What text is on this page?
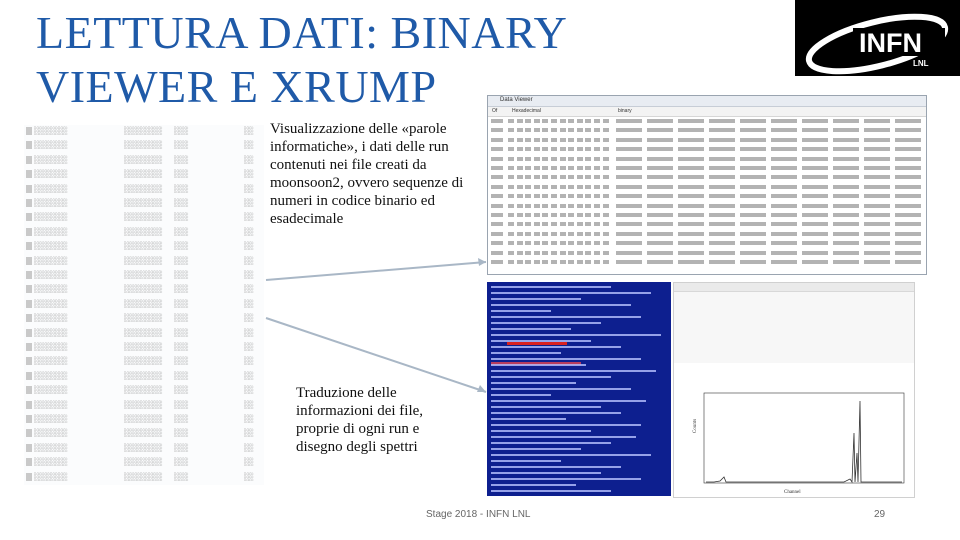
LETTURA DATI: BINARY
VIEWER E XRUMP
INFN
LNL
░░░░░░░	░░░░░░░░ ░░░	░░
░░░░░░░	░░░░░░░░ ░░░	░░
░░░░░░░	░░░░░░░░ ░░░	░░
░░░░░░░	░░░░░░░░ ░░░	░░
░░░░░░░	░░░░░░░░ ░░░	░░
░░░░░░░	░░░░░░░░ ░░░	░░
░░░░░░░	░░░░░░░░ ░░░	░░
░░░░░░░	░░░░░░░░ ░░░	░░
░░░░░░░	░░░░░░░░ ░░░	░░
░░░░░░░	░░░░░░░░ ░░░	░░
░░░░░░░	░░░░░░░░ ░░░	░░
░░░░░░░	░░░░░░░░ ░░░	░░
░░░░░░░	░░░░░░░░ ░░░	░░
░░░░░░░	░░░░░░░░ ░░░	░░
░░░░░░░	░░░░░░░░ ░░░	░░
░░░░░░░	░░░░░░░░ ░░░	░░
░░░░░░░	░░░░░░░░ ░░░	░░
░░░░░░░	░░░░░░░░ ░░░	░░
░░░░░░░	░░░░░░░░ ░░░	░░
░░░░░░░	░░░░░░░░ ░░░	░░
░░░░░░░	░░░░░░░░ ░░░	░░
░░░░░░░	░░░░░░░░ ░░░	░░
░░░░░░░	░░░░░░░░ ░░░	░░
░░░░░░░	░░░░░░░░ ░░░	░░
░░░░░░░	░░░░░░░░ ░░░	░░
Visualizzazione delle «parole informatiche», i dati delle run contenuti nei file creati da moonsoon2, ovvero sequenze di numeri in codice binario ed esadecimale
Traduzione delle informazioni dei file, proprie di ogni run e disegno degli spettri
Data Viewer
Of	Hexadecimal	binary
Counts
Channel
Stage 2018 - INFN LNL	29
